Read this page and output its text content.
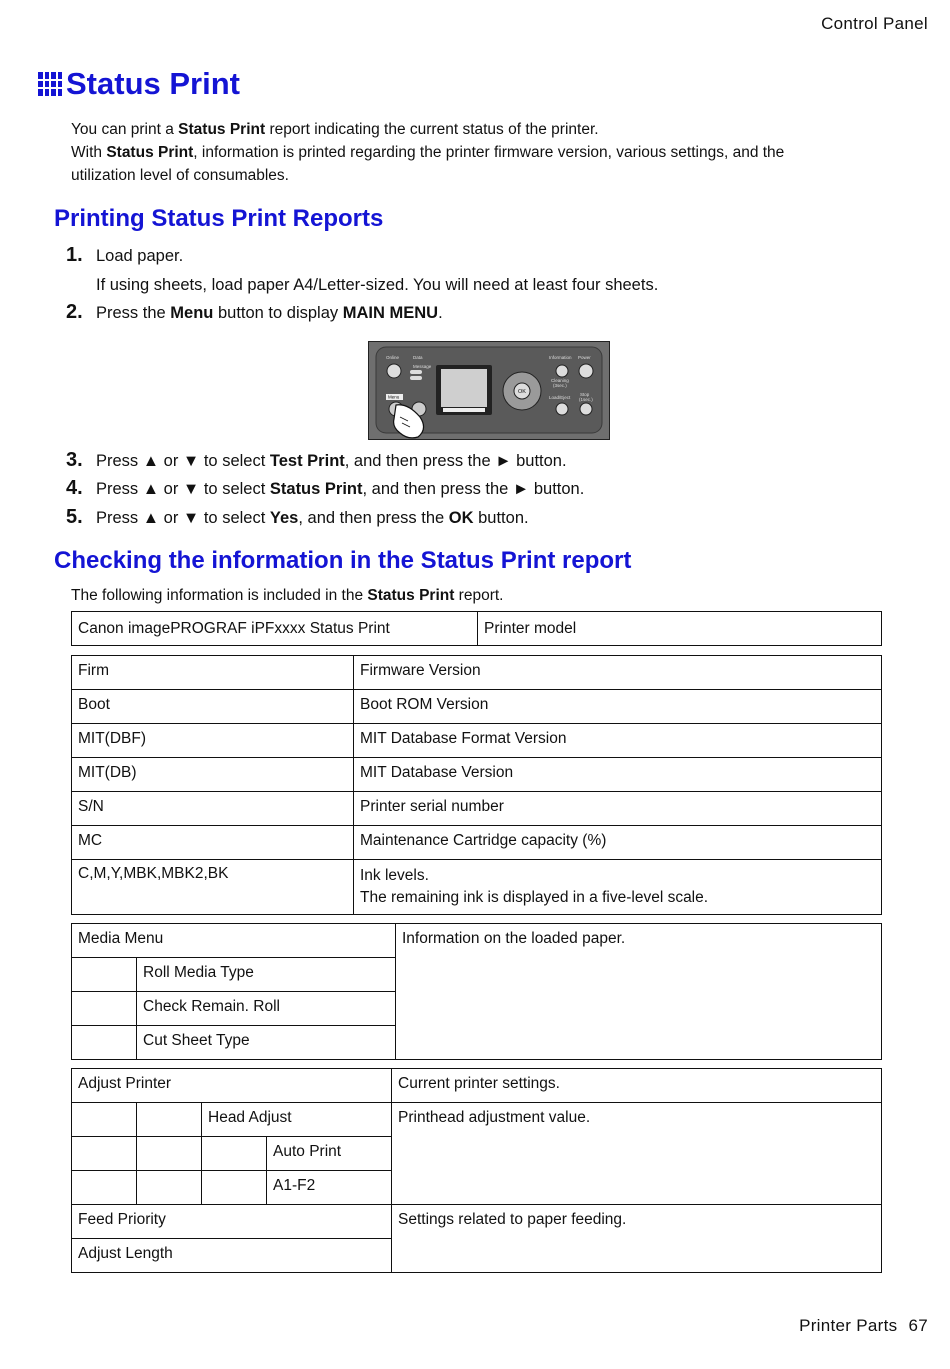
Control Panel
Status Print
You can print a Status Print report indicating the current status of the printer.
With Status Print, information is printed regarding the printer firmware version, various settings, and the
utilization level of consumables.
Printing Status Print Reports
1. Load paper.
If using sheets, load paper A4/Letter-sized. You will need at least four sheets.
2. Press the Menu button to display MAIN MENU.
Online	Data
Message
Information Power
Cleaning
(3sec.)
Stop
(1sec.)
Load/Eject
Menu
OK
3. Press ▲ or ▼ to select Test Print, and then press the ► button.
4. Press ▲ or ▼ to select Status Print, and then press the ► button.
5. Press ▲ or ▼ to select Yes, and then press the OK button.
Checking the information in the Status Print report
The following information is included in the Status Print report.
Canon imagePROGRAF iPFxxxx Status Print	Printer model
Firm	Firmware Version
Boot	Boot ROM Version
MIT(DBF)	MIT Database Format Version
MIT(DB)	MIT Database Version
S/N	Printer serial number
MC	Maintenance Cartridge capacity (%)
C,M,Y,MBK,MBK2,BK	Ink levels.
The remaining ink is displayed in a five-level scale.
Media Menu		Information on the loaded paper.
	Roll Media Type	
	Check Remain. Roll	
	Cut Sheet Type	
Adjust Printer				Current printer settings.
		Head Adjust		Printhead adjustment value.
			Auto Print	
			A1-F2	
Feed Priority				Settings related to paper feeding.
Adjust Length				
Printer Parts 67
